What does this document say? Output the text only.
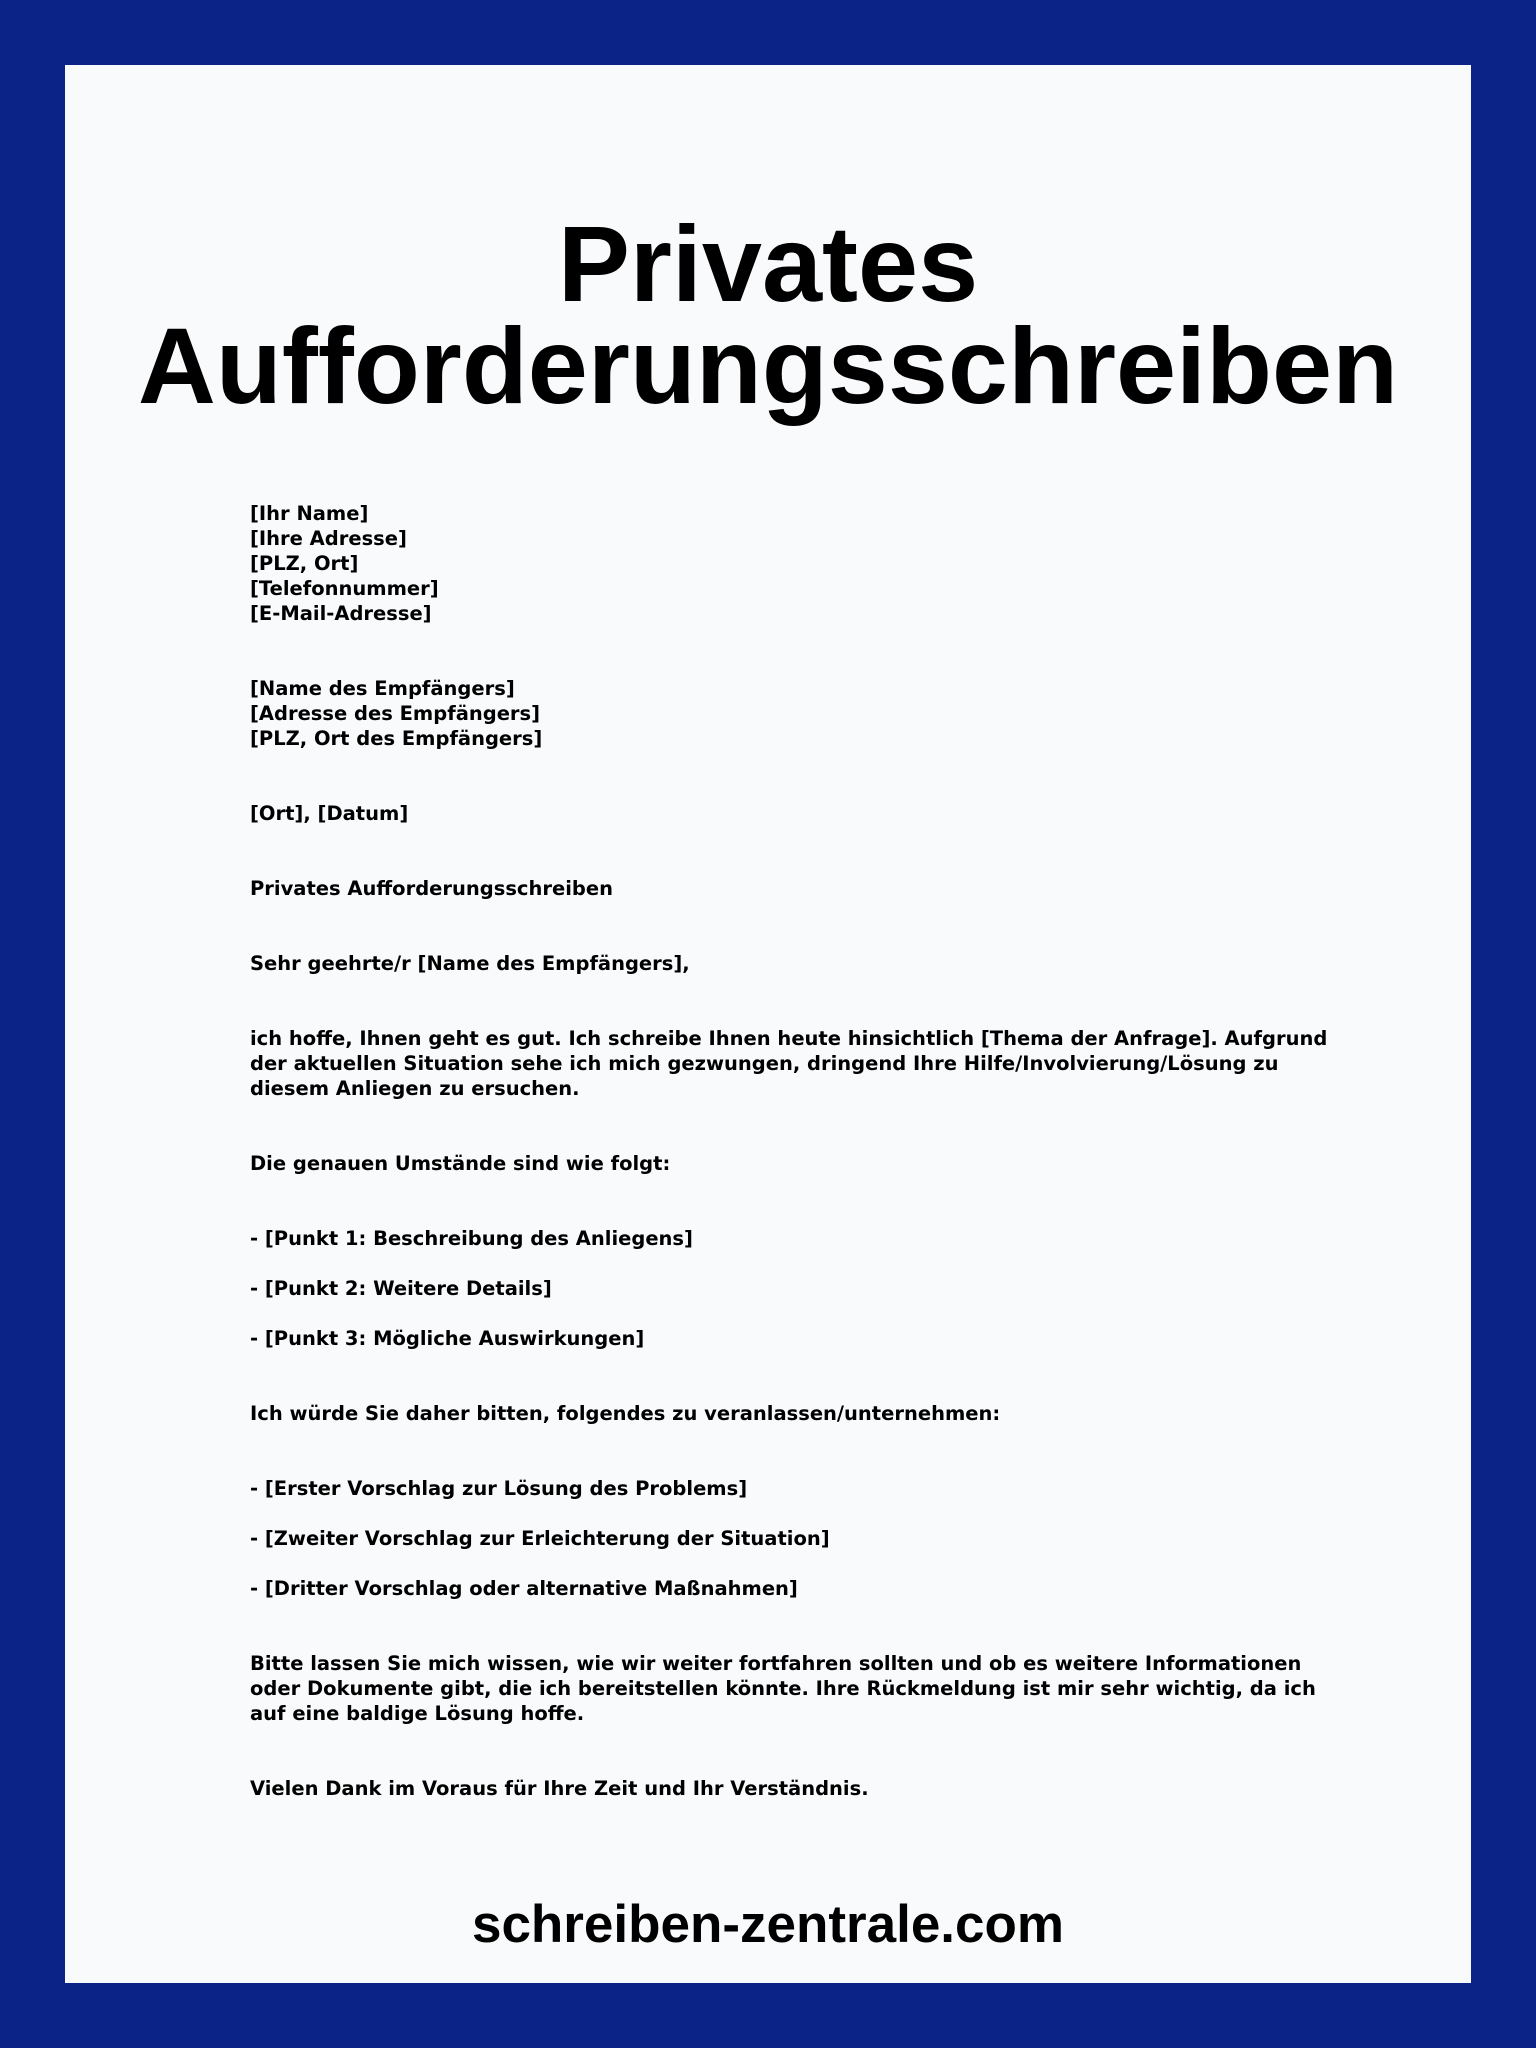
Privates
Aufforderungsschreiben
[Ihr Name]
[Ihre Adresse]
[PLZ, Ort]
[Telefonnummer]
[E-Mail-Adresse]
[Name des Empfängers]
[Adresse des Empfängers]
[PLZ, Ort des Empfängers]

[Ort], [Datum]

Privates Aufforderungsschreiben

Sehr geehrte/r [Name des Empfängers],

ich hoffe, Ihnen geht es gut. Ich schreibe Ihnen heute hinsichtlich [Thema der Anfrage]. Aufgrund der aktuellen Situation sehe ich mich gezwungen, dringend Ihre Hilfe/Involvierung/Lösung zu diesem Anliegen zu ersuchen.

Die genauen Umstände sind wie folgt:

- [Punkt 1: Beschreibung des Anliegens]

- [Punkt 2: Weitere Details]

- [Punkt 3: Mögliche Auswirkungen]

Ich würde Sie daher bitten, folgendes zu veranlassen/unternehmen:

- [Erster Vorschlag zur Lösung des Problems]

- [Zweiter Vorschlag zur Erleichterung der Situation]

- [Dritter Vorschlag oder alternative Maßnahmen]

Bitte lassen Sie mich wissen, wie wir weiter fortfahren sollten und ob es weitere Informationen oder Dokumente gibt, die ich bereitstellen könnte. Ihre Rückmeldung ist mir sehr wichtig, da ich auf eine baldige Lösung hoffe.

Vielen Dank im Voraus für Ihre Zeit und Ihr Verständnis.

schreiben-zentrale.com
